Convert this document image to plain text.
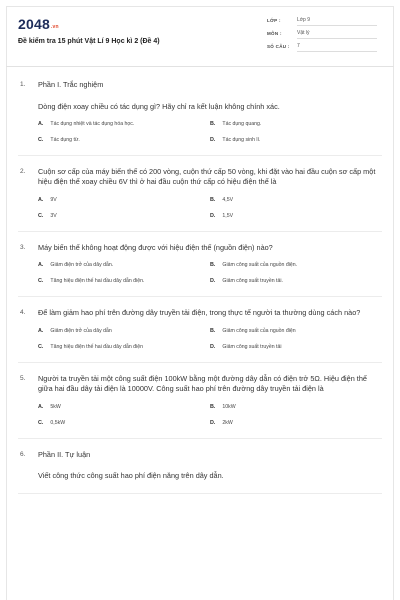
2048.vn
Đề kiểm tra 15 phút Vật Lí 9 Học kì 2 (Đề 4)
LỚP :	Lớp 9
MÔN :	Vật lý
SỐ CÂU : 7
1. Phần I. Trắc nghiệm
Dòng điện xoay chiều có tác dụng gì? Hãy chỉ ra kết luận không chính xác.
A. Tác dụng nhiệt và tác dụng hóa học.	B. Tác dụng quang.
C. Tác dụng từ.	D. Tác dụng sinh lí.
2. Cuộn sơ cấp của máy biến thế có 200 vòng, cuộn thứ cấp 50 vòng, khi đặt vào hai đầu cuộn sơ cấp một hiệu điện thế xoay chiều 6V thì ở hai đầu cuộn thứ cấp có hiệu điện thế là
A. 9V	B. 4,5V
C. 3V	D. 1,5V
3. Máy biến thế không hoạt động được với hiệu điện thế (nguồn điện) nào?
A. Giảm điện trở của dây dẫn.	B. Giảm công suất của nguồn điện.
C. Tăng hiệu điện thế hai đầu dây dẫn điện.	D. Giảm công suất truyền tải.
4. Để làm giảm hao phí trên đường dây truyền tải điện, trong thực tế người ta thường dùng cách nào?
A. Giảm điện trở của dây dẫn	B. Giảm công suất của nguồn điện
C. Tăng hiệu điện thế hai đầu dây dẫn điện	D. Giảm công suất truyền tải
5. Người ta truyền tải một công suất điện 100kW bằng một đường dây dẫn có điện trở 5Ω. Hiệu điện thế giữa hai đầu dây tải điện là 10000V. Công suất hao phí trên đường dây truyền tải điện là
A. 5kW	B. 10kW
C. 0,5kW	D. 2kW
6. Phần II. Tự luận
Viết công thức công suất hao phí điện năng trên dây dẫn.
